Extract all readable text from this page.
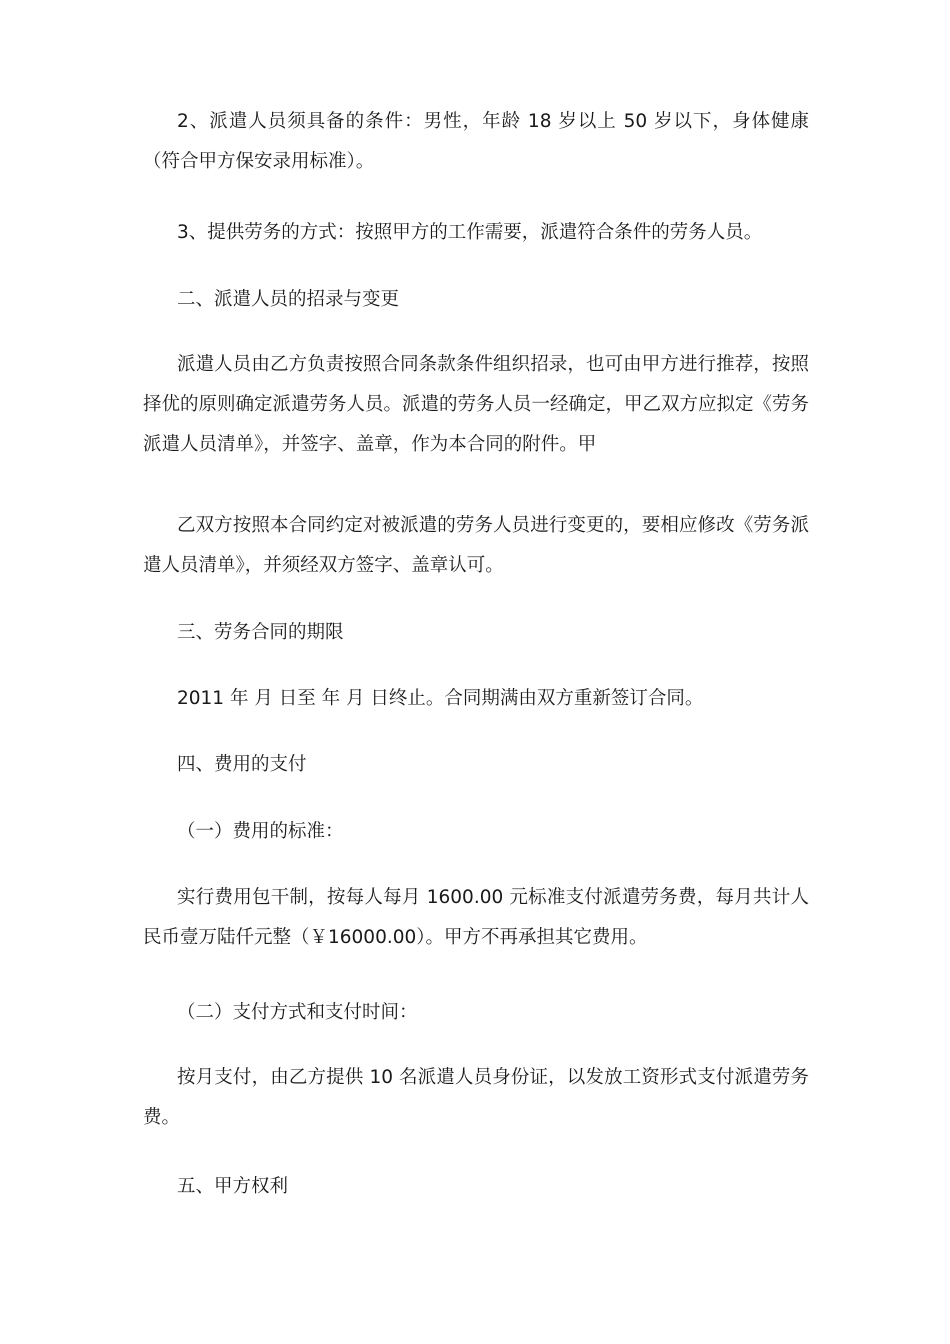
2、派遣人员须具备的条件：男性，年龄 18 岁以上 50 岁以下，身体健康（符合甲方保安录用标准）。

3、提供劳务的方式：按照甲方的工作需要，派遣符合条件的劳务人员。

二、派遣人员的招录与变更

派遣人员由乙方负责按照合同条款条件组织招录，也可由甲方进行推荐，按照择优的原则确定派遣劳务人员。派遣的劳务人员一经确定，甲乙双方应拟定《劳务派遣人员清单》，并签字、盖章，作为本合同的附件。甲

乙双方按照本合同约定对被派遣的劳务人员进行变更的，要相应修改《劳务派遣人员清单》，并须经双方签字、盖章认可。

三、劳务合同的期限

2011 年 月 日至 年 月 日终止。合同期满由双方重新签订合同。

四、费用的支付

（一）费用的标准：

实行费用包干制，按每人每月 1600.00 元标准支付派遣劳务费，每月共计人民币壹万陆仟元整（￥16000.00）。甲方不再承担其它费用。

（二）支付方式和支付时间：

按月支付，由乙方提供 10 名派遣人员身份证，以发放工资形式支付派遣劳务费。

五、甲方权利
